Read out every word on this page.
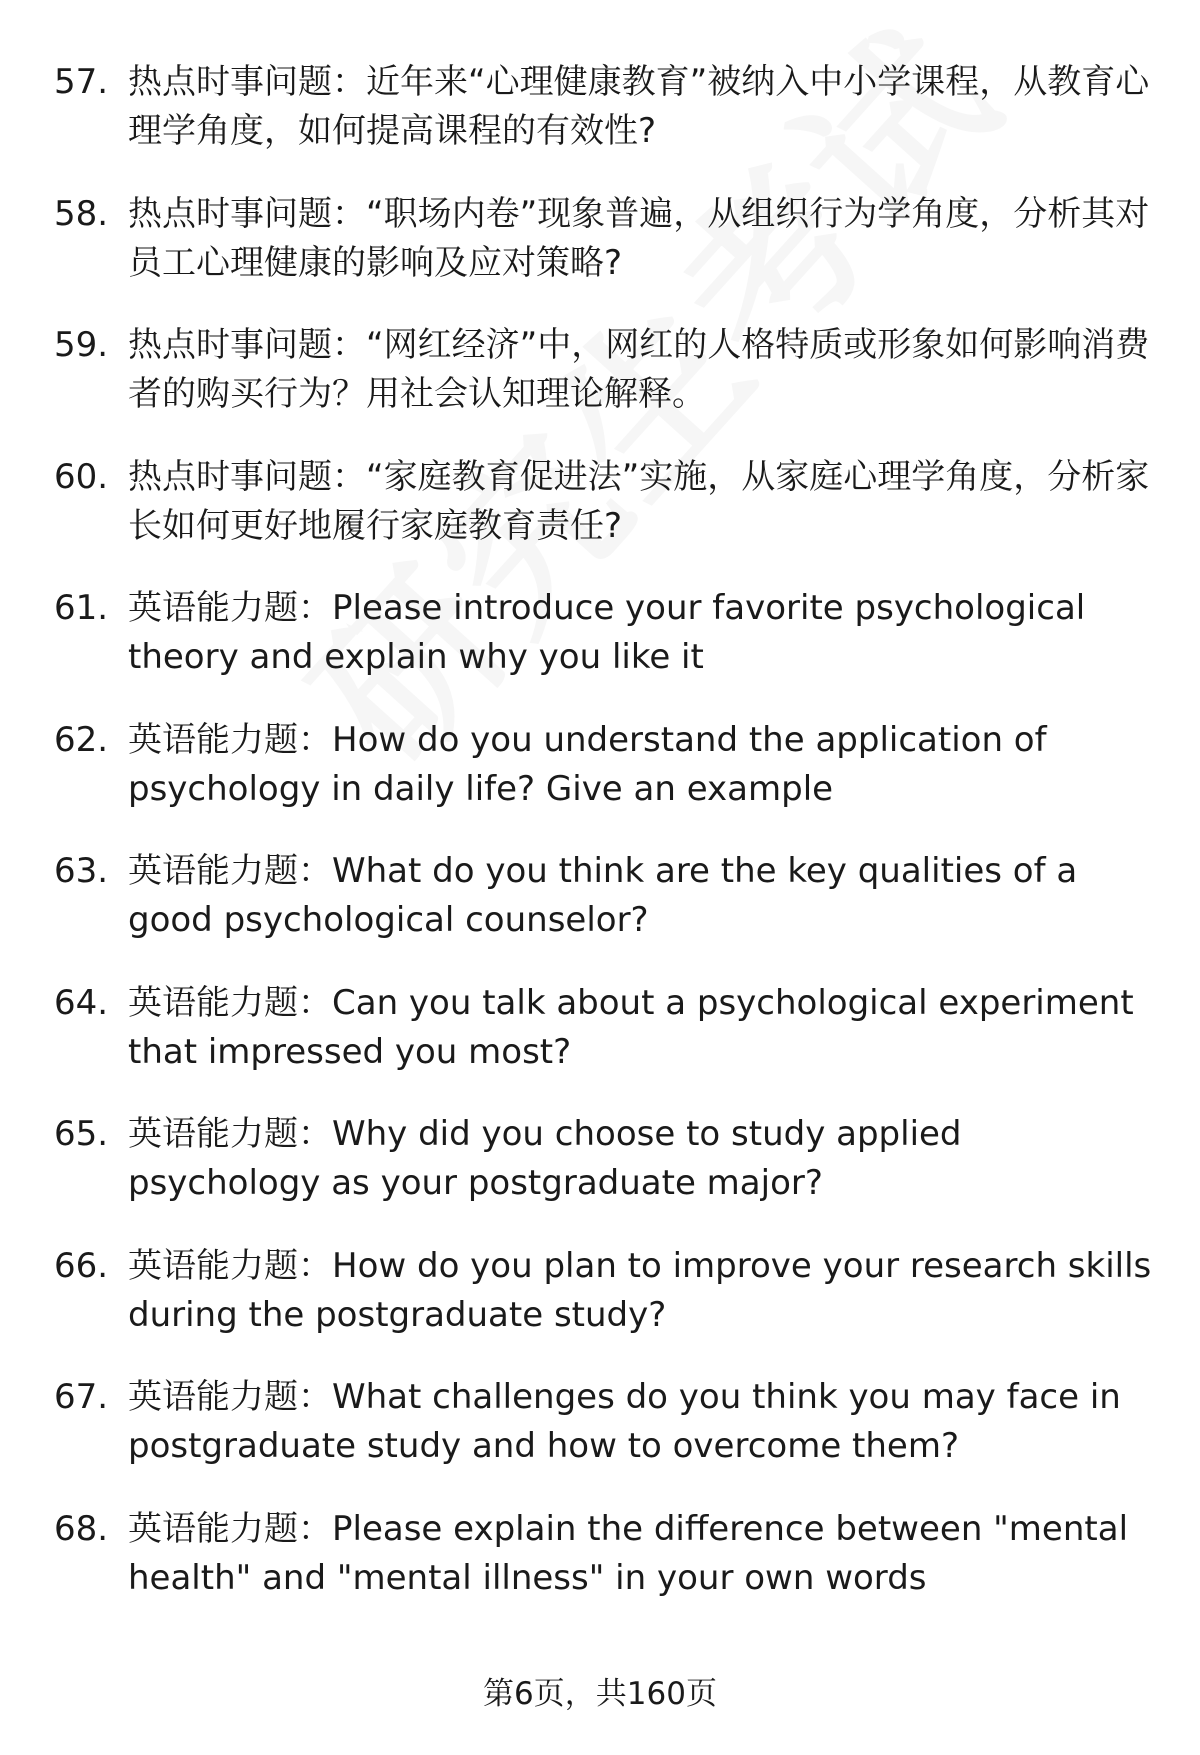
57. 热点时事问题：近年来“心理健康教育”被纳入中小学课程，从教育心理学角度，如何提高课程的有效性?
58. 热点时事问题：“职场内卷”现象普遍，从组织行为学角度，分析其对员工心理健康的影响及应对策略?
59. 热点时事问题：“网红经济”中，网红的人格特质或形象如何影响消费者的购买行为？用社会认知理论解释。
60. 热点时事问题：“家庭教育促进法”实施，从家庭心理学角度，分析家长如何更好地履行家庭教育责任?
61. 英语能力题：Please introduce your favorite psychological theory and explain why you like it
62. 英语能力题：How do you understand the application of psychology in daily life? Give an example
63. 英语能力题：What do you think are the key qualities of a good psychological counselor?
64. 英语能力题：Can you talk about a psychological experiment that impressed you most?
65. 英语能力题：Why did you choose to study applied psychology as your postgraduate major?
66. 英语能力题：How do you plan to improve your research skills during the postgraduate study?
67. 英语能力题：What challenges do you think you may face in postgraduate study and how to overcome them?
68. 英语能力题：Please explain the difference between "mental health" and "mental illness" in your own words
第6页，共160页
